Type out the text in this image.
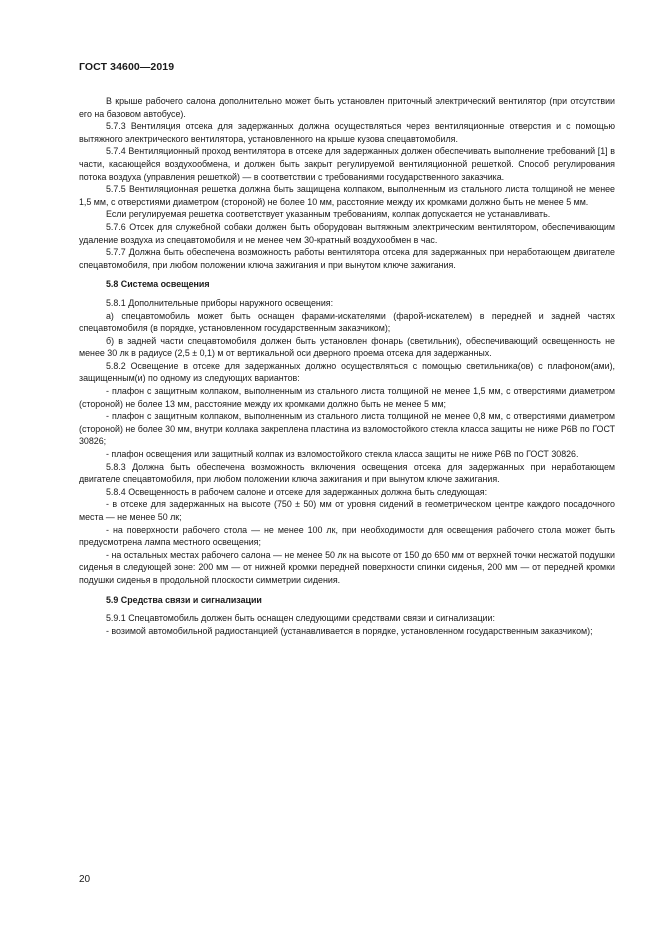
ГОСТ 34600—2019

В крыше рабочего салона дополнительно может быть установлен приточный электрический вентилятор (при отсутствии его на базовом автобусе).

5.7.3 Вентиляция отсека для задержанных должна осуществляться через вентиляционные отверстия и с помощью вытяжного электрического вентилятора, установленного на крыше кузова спецавтомобиля.

5.7.4 Вентиляционный проход вентилятора в отсеке для задержанных должен обеспечивать выполнение требований [1] в части, касающейся воздухообмена, и должен быть закрыт регулируемой вентиляционной решеткой. Способ регулирования потока воздуха (управления решеткой) — в соответствии с требованиями государственного заказчика.

5.7.5 Вентиляционная решетка должна быть защищена колпаком, выполненным из стального листа толщиной не менее 1,5 мм, с отверстиями диаметром (стороной) не более 10 мм, расстояние между их кромками должно быть не менее 5 мм.

Если регулируемая решетка соответствует указанным требованиям, колпак допускается не устанавливать.

5.7.6 Отсек для служебной собаки должен быть оборудован вытяжным электрическим вентилятором, обеспечивающим удаление воздуха из спецавтомобиля и не менее чем 30-кратный воздухообмен в час.

5.7.7 Должна быть обеспечена возможность работы вентилятора отсека для задержанных при неработающем двигателе спецавтомобиля, при любом положении ключа зажигания и при вынутом ключе зажигания.

5.8 Система освещения

5.8.1 Дополнительные приборы наружного освещения:

а) спецавтомобиль может быть оснащен фарами-искателями (фарой-искателем) в передней и задней частях спецавтомобиля (в порядке, установленном государственным заказчиком);

б) в задней части спецавтомобиля должен быть установлен фонарь (светильник), обеспечивающий освещенность не менее 30 лк в радиусе (2,5 ± 0,1) м от вертикальной оси дверного проема отсека для задержанных.

5.8.2 Освещение в отсеке для задержанных должно осуществляться с помощью светильника(ов) с плафоном(ами), защищенным(и) по одному из следующих вариантов:

- плафон с защитным колпаком, выполненным из стального листа толщиной не менее 1,5 мм, с отверстиями диаметром (стороной) не более 13 мм, расстояние между их кромками должно быть не менее 5 мм;

- плафон с защитным колпаком, выполненным из стального листа толщиной не менее 0,8 мм, с отверстиями диаметром (стороной) не более 30 мм, внутри коллака закреплена пластина из взломостойкого стекла класса защиты не ниже Р6В по ГОСТ 30826;

- плафон освещения или защитный колпак из взломостойкого стекла класса защиты не ниже Р6В по ГОСТ 30826.

5.8.3 Должна быть обеспечена возможность включения освещения отсека для задержанных при неработающем двигателе спецавтомобиля, при любом положении ключа зажигания и при вынутом ключе зажигания.

5.8.4 Освещенность в рабочем салоне и отсеке для задержанных должна быть следующая:

- в отсеке для задержанных на высоте (750 ± 50) мм от уровня сидений в геометрическом центре каждого посадочного места — не менее 50 лк;

- на поверхности рабочего стола — не менее 100 лк, при необходимости для освещения рабочего стола может быть предусмотрена лампа местного освещения;

- на остальных местах рабочего салона — не менее 50 лк на высоте от 150 до 650 мм от верхней точки несжатой подушки сиденья в следующей зоне: 200 мм — от нижней кромки передней поверхности спинки сиденья, 200 мм — от передней кромки подушки сиденья в продольной плоскости симметрии сидения.

5.9 Средства связи и сигнализации

5.9.1 Спецавтомобиль должен быть оснащен следующими средствами связи и сигнализации:

- возимой автомобильной радиостанцией (устанавливается в порядке, установленном государственным заказчиком);

20
